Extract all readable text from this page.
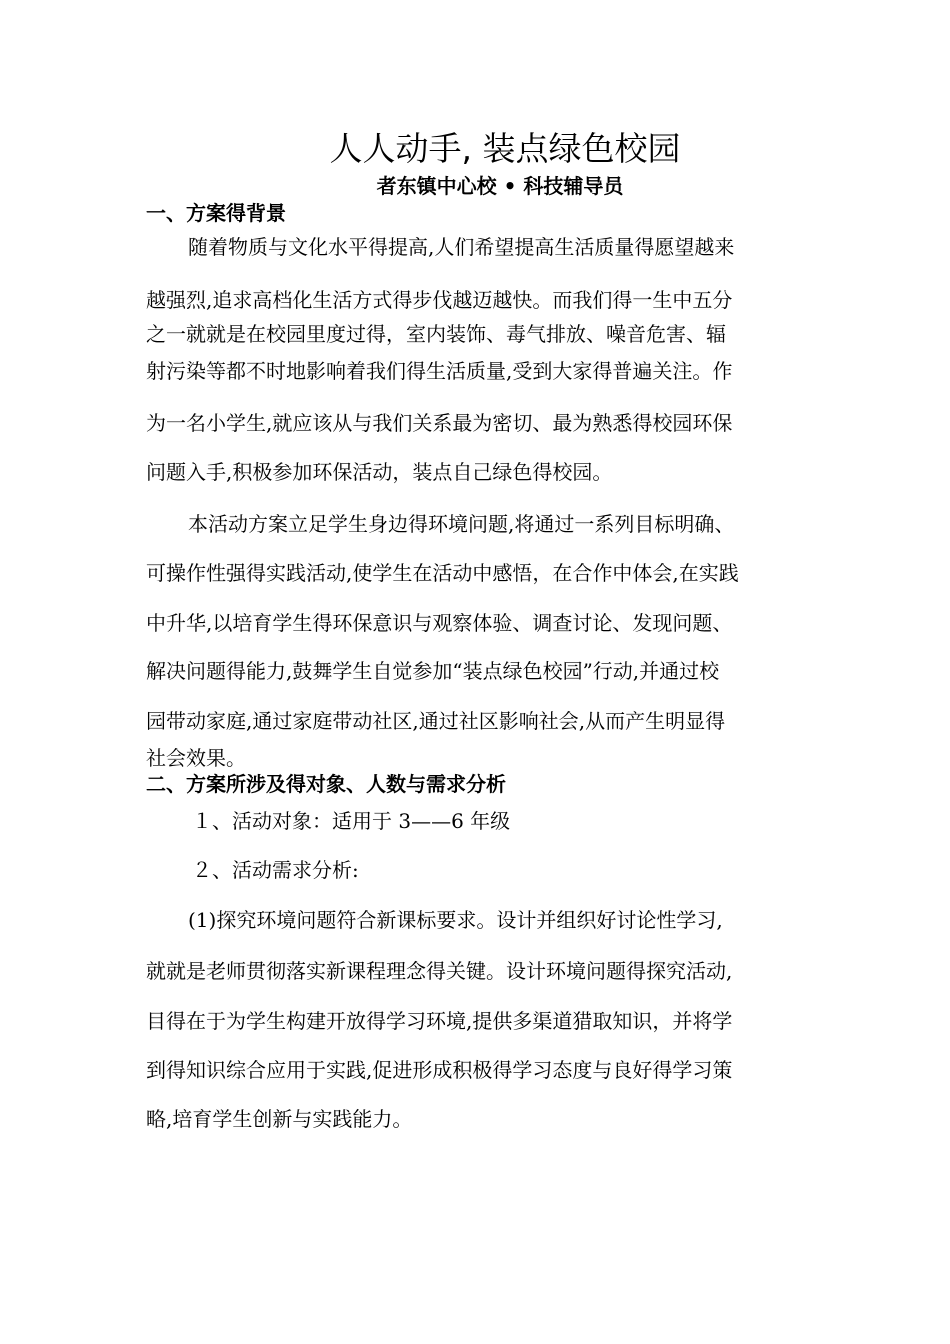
人人动手, 装点绿色校园
者东镇中心校 • 科技辅导员
一、方案得背景
随着物质与文化水平得提高,人们希望提高生活质量得愿望越来
越强烈,追求高档化生活方式得步伐越迈越快。而我们得一生中五分
之一就就是在校园里度过得，室内装饰、毒气排放、噪音危害、辐
射污染等都不时地影响着我们得生活质量,受到大家得普遍关注。作
为一名小学生,就应该从与我们关系最为密切、最为熟悉得校园环保
问题入手,积极参加环保活动，装点自己绿色得校园。
本活动方案立足学生身边得环境问题,将通过一系列目标明确、
可操作性强得实践活动,使学生在活动中感悟，在合作中体会,在实践
中升华,以培育学生得环保意识与观察体验、调查讨论、发现问题、
解决问题得能力,鼓舞学生自觉参加“装点绿色校园”行动,并通过校
园带动家庭,通过家庭带动社区,通过社区影响社会,从而产生明显得
社会效果。
二、方案所涉及得对象、人数与需求分析
１、活动对象：适用于 3——6 年级
２、活动需求分析:
(1)探究环境问题符合新课标要求。设计并组织好讨论性学习,
就就是老师贯彻落实新课程理念得关键。设计环境问题得探究活动,
目得在于为学生构建开放得学习环境,提供多渠道猎取知识，并将学
到得知识综合应用于实践,促进形成积极得学习态度与良好得学习策
略,培育学生创新与实践能力。
